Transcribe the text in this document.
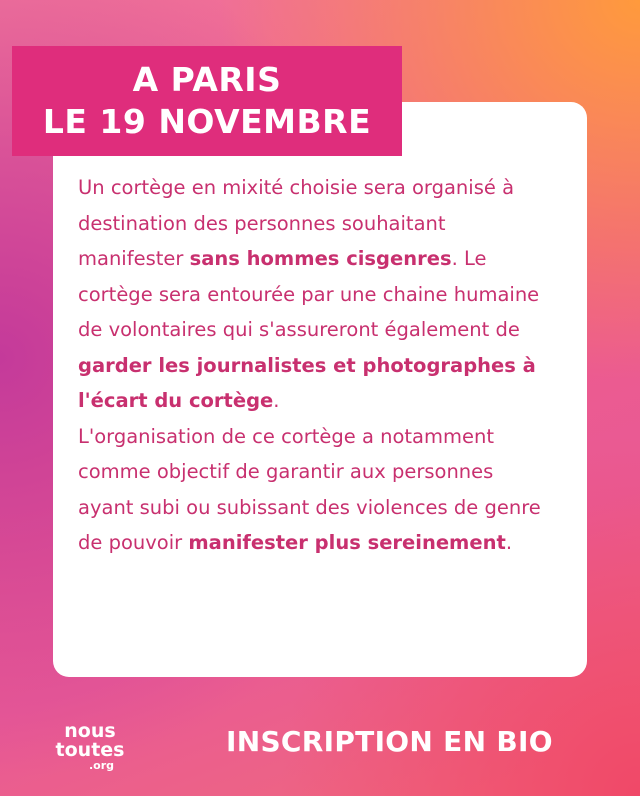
A PARIS
LE 19 NOVEMBRE

Un cortège en mixité choisie sera organisé à destination des personnes souhaitant manifester sans hommes cisgenres. Le cortège sera entourée par une chaine humaine de volontaires qui s'assureront également de garder les journalistes et photographes à l'écart du cortège.
L'organisation de ce cortège a notamment comme objectif de garantir aux personnes ayant subi ou subissant des violences de genre de pouvoir manifester plus sereinement.

nous
toutes
.org
INSCRIPTION EN BIO
